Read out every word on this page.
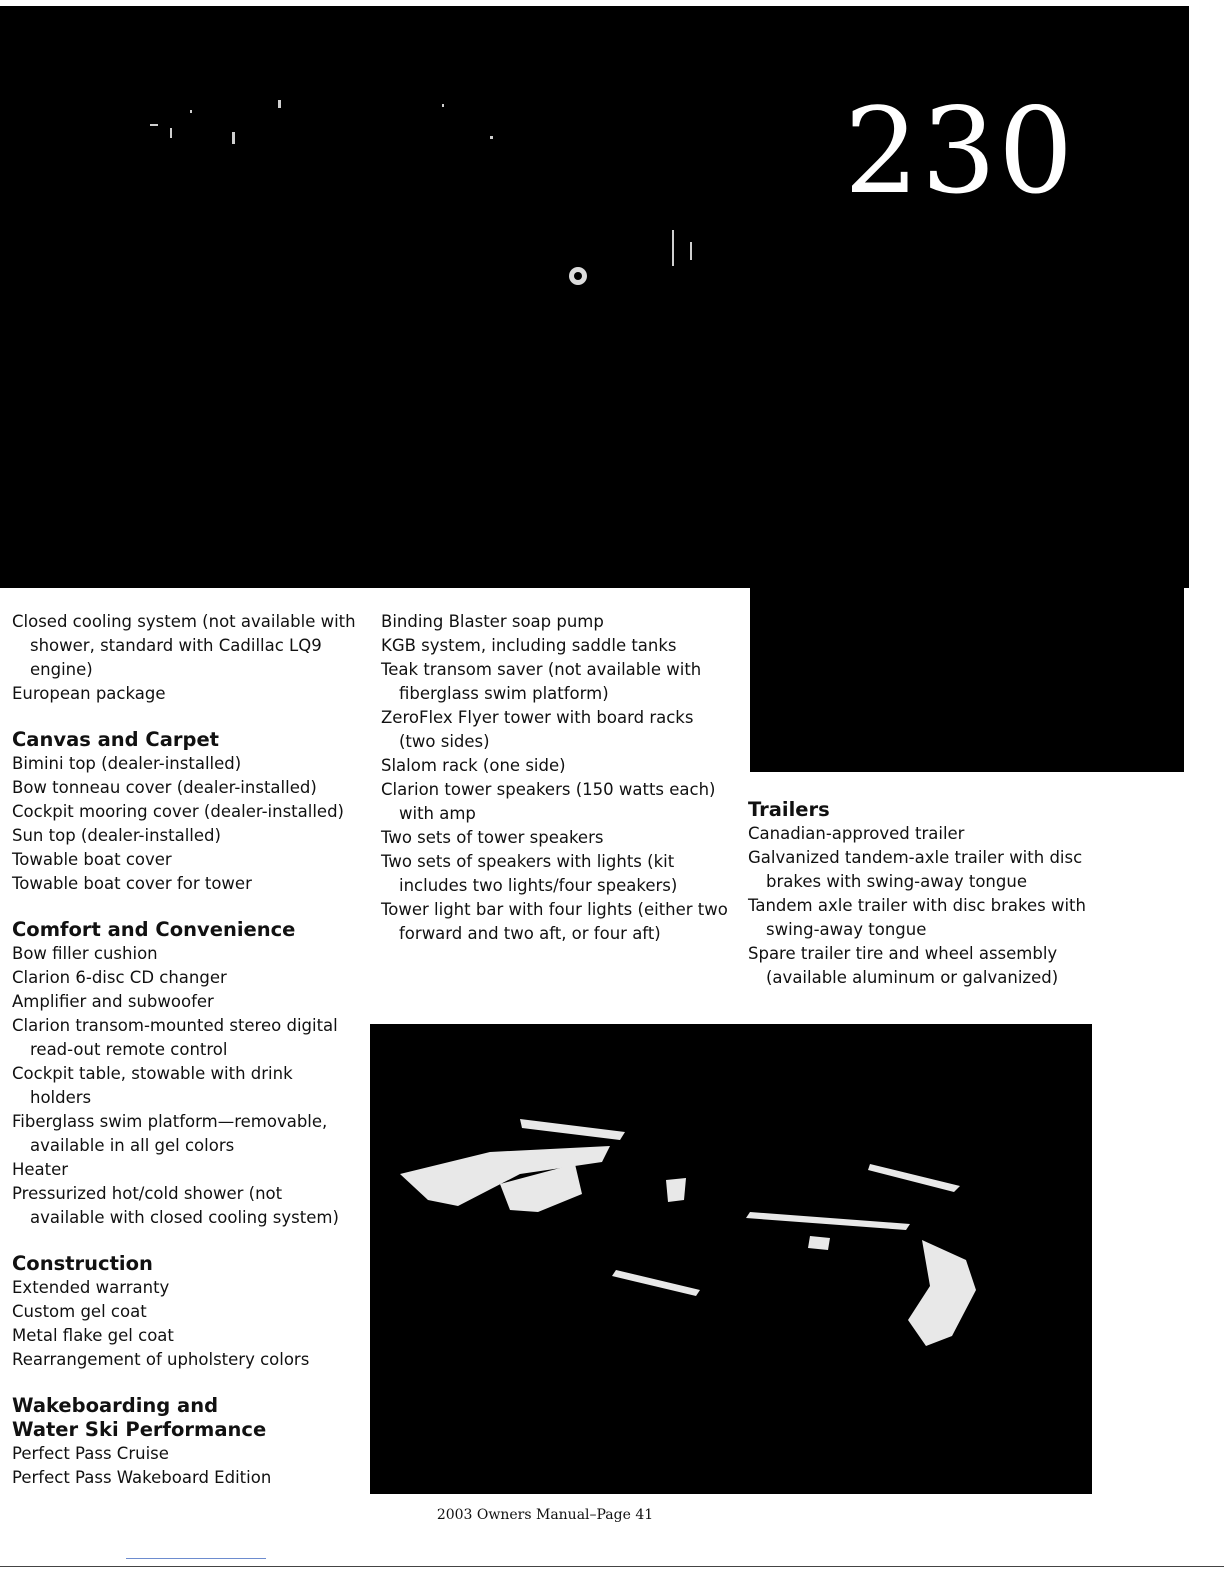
230
Closed cooling system (not available with shower, standard with Cadillac LQ9 engine)
European package
Canvas and Carpet
Bimini top (dealer-installed)
Bow tonneau cover (dealer-installed)
Cockpit mooring cover (dealer-installed)
Sun top (dealer-installed)
Towable boat cover
Towable boat cover for tower
Comfort and Convenience
Bow filler cushion
Clarion 6-disc CD changer
Amplifier and subwoofer
Clarion transom-mounted stereo digital read-out remote control
Cockpit table, stowable with drink holders
Fiberglass swim platform—removable, available in all gel colors
Heater
Pressurized hot/cold shower (not available with closed cooling system)
Construction
Extended warranty
Custom gel coat
Metal flake gel coat
Rearrangement of upholstery colors
Wakeboarding and
Water Ski Performance
Perfect Pass Cruise
Perfect Pass Wakeboard Edition
Binding Blaster soap pump
KGB system, including saddle tanks
Teak transom saver (not available with fiberglass swim platform)
ZeroFlex Flyer tower with board racks (two sides)
Slalom rack (one side)
Clarion tower speakers (150 watts each) with amp
Two sets of tower speakers
Two sets of speakers with lights (kit includes two lights/four speakers)
Tower light bar with four lights (either two forward and two aft, or four aft)
Trailers
Canadian-approved trailer
Galvanized tandem-axle trailer with disc brakes with swing-away tongue
Tandem axle trailer with disc brakes with swing-away tongue
Spare trailer tire and wheel assembly (available aluminum or galvanized)
2003 Owners Manual–Page 41
